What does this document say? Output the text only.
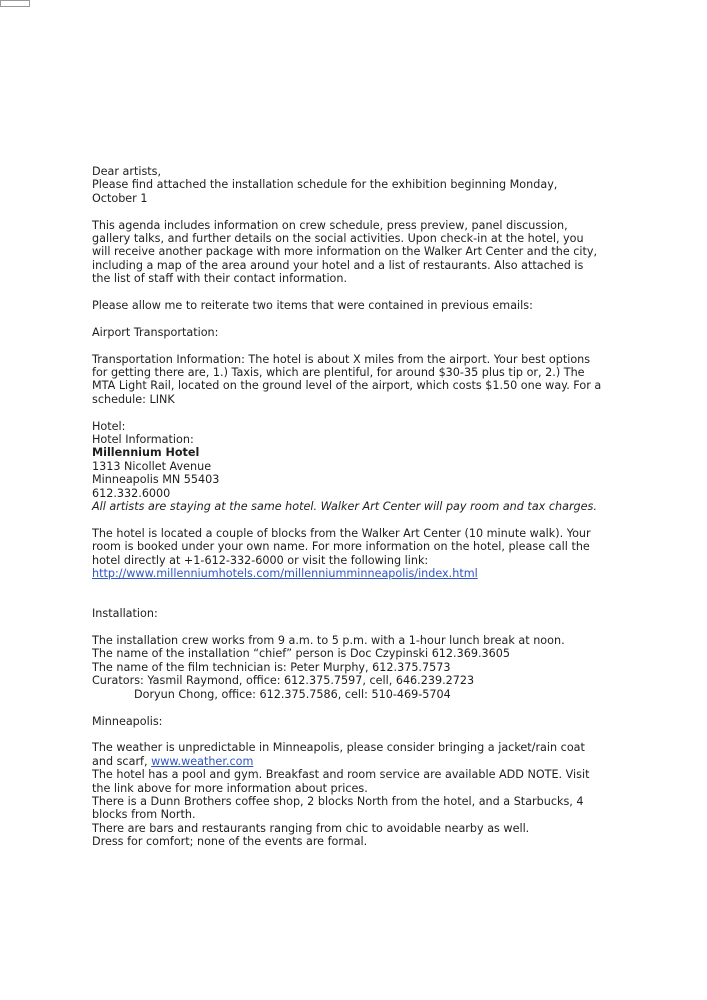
Dear artists,

Please find attached the installation schedule for the exhibition beginning Monday, October 1

This agenda includes information on crew schedule, press preview, panel discussion, gallery talks, and further details on the social activities. Upon check-in at the hotel, you will receive another package with more information on the Walker Art Center and the city, including a map of the area around your hotel and a list of restaurants. Also attached is the list of staff with their contact information.

Please allow me to reiterate two items that were contained in previous emails:

Airport Transportation:

Transportation Information: The hotel is about X miles from the airport. Your best options for getting there are, 1.) Taxis, which are plentiful, for around $30-35 plus tip or, 2.) The MTA Light Rail, located on the ground level of the airport, which costs $1.50 one way. For a schedule: LINK

Hotel:

Hotel Information:

Millennium Hotel

1313 Nicollet Avenue

Minneapolis MN 55403

612.332.6000

All artists are staying at the same hotel. Walker Art Center will pay room and tax charges.

The hotel is located a couple of blocks from the Walker Art Center (10 minute walk). Your room is booked under your own name. For more information on the hotel, please call the hotel directly at +1-612-332-6000 or visit the following link:

http://www.millenniumhotels.com/millenniumminneapolis/index.html

Installation:

The installation crew works from 9 a.m. to 5 p.m. with a 1-hour lunch break at noon.

The name of the installation “chief” person is Doc Czypinski 612.369.3605

The name of the film technician is: Peter Murphy, 612.375.7573

Curators: Yasmil Raymond, office: 612.375.7597, cell, 646.239.2723

Doryun Chong, office: 612.375.7586, cell: 510-469-5704

Minneapolis:

The weather is unpredictable in Minneapolis, please consider bringing a jacket/rain coat and scarf, www.weather.com

The hotel has a pool and gym. Breakfast and room service are available ADD NOTE. Visit the link above for more information about prices.

There is a Dunn Brothers coffee shop, 2 blocks North from the hotel, and a Starbucks, 4 blocks from North.

There are bars and restaurants ranging from chic to avoidable nearby as well.

Dress for comfort; none of the events are formal.
